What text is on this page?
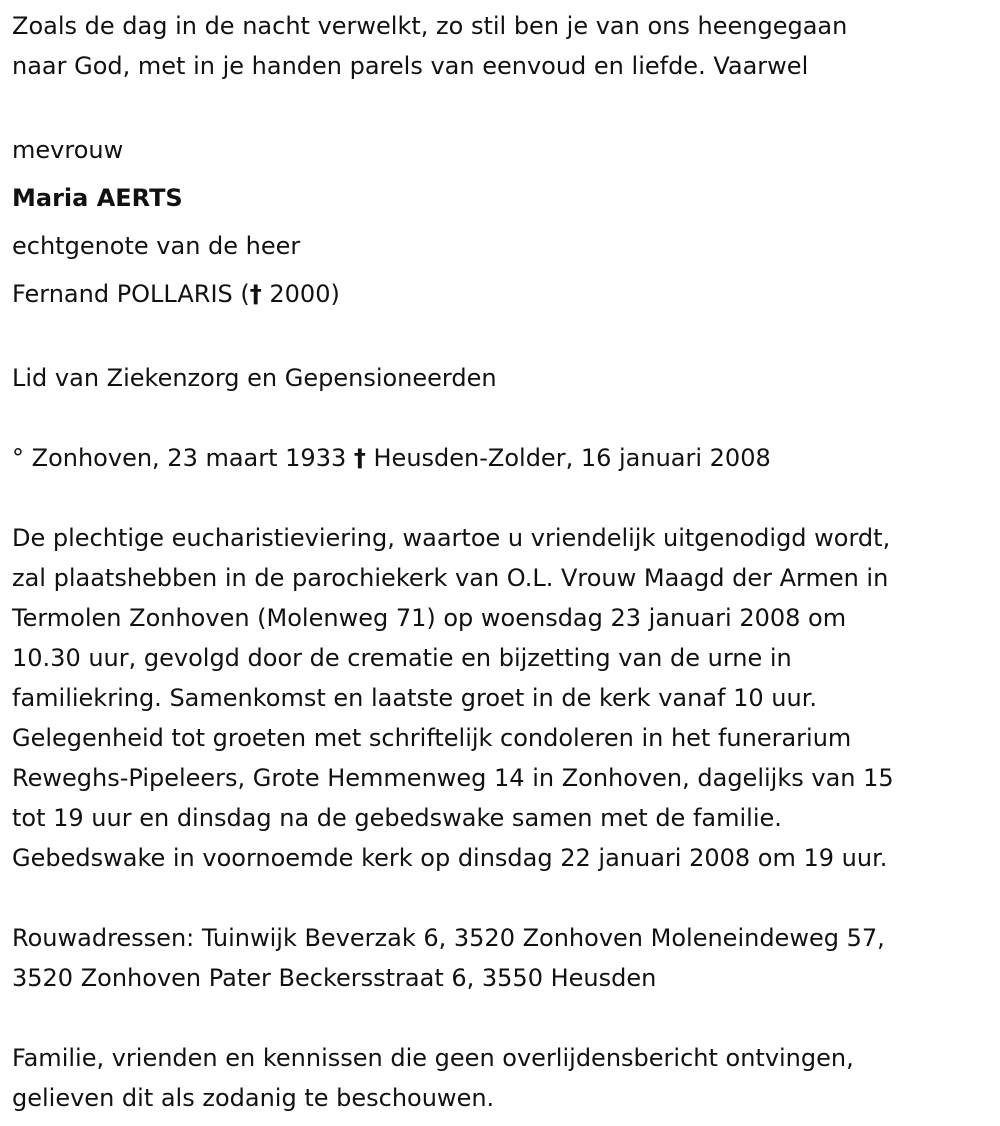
Zoals de dag in de nacht verwelkt, zo stil ben je van ons heengegaan
naar God, met in je handen parels van eenvoud en liefde. Vaarwel
mevrouw
Maria AERTS
echtgenote van de heer
Fernand POLLARIS († 2000)
Lid van Ziekenzorg en Gepensioneerden
° Zonhoven, 23 maart 1933 † Heusden-Zolder, 16 januari 2008
De plechtige eucharistieviering, waartoe u vriendelijk uitgenodigd wordt,
zal plaatshebben in de parochiekerk van O.L. Vrouw Maagd der Armen in
Termolen Zonhoven (Molenweg 71) op woensdag 23 januari 2008 om
10.30 uur, gevolgd door de crematie en bijzetting van de urne in
familiekring. Samenkomst en laatste groet in de kerk vanaf 10 uur.
Gelegenheid tot groeten met schriftelijk condoleren in het funerarium
Reweghs-Pipeleers, Grote Hemmenweg 14 in Zonhoven, dagelijks van 15
tot 19 uur en dinsdag na de gebedswake samen met de familie.
Gebedswake in voornoemde kerk op dinsdag 22 januari 2008 om 19 uur.
Rouwadressen: Tuinwijk Beverzak 6, 3520 Zonhoven Moleneindeweg 57,
3520 Zonhoven Pater Beckersstraat 6, 3550 Heusden
Familie, vrienden en kennissen die geen overlijdensbericht ontvingen,
gelieven dit als zodanig te beschouwen.
